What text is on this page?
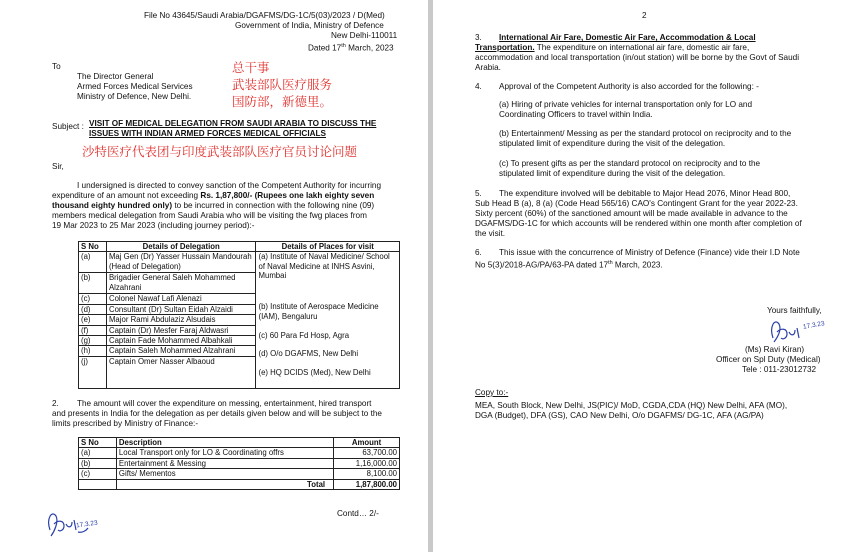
File No 43645/Saudi Arabia/DGAFMS/DG-1C/5(03)/2023 / D(Med)
Government of India, Ministry of Defence
New Delhi-110011
Dated 17th March, 2023
To
The Director General
Armed Forces Medical Services
Ministry of Defence, New Delhi.
总干事
武装部队医疗服务
国防部，新德里。
Subject : VISIT OF MEDICAL DELEGATION FROM SAUDI ARABIA TO DISCUSS THE
ISSUES WITH INDIAN ARMED FORCES MEDICAL OFFICIALS
沙特医疗代表团与印度武装部队医疗官员讨论问题
Sir,
I undersigned is directed to convey sanction of the Competent Authority for incurring
expenditure of an amount not exceeding Rs. 1,87,800/- (Rupees one lakh eighty seven
thousand eighty hundred only) to be incurred in connection with the following nine (09)
members medical delegation from Saudi Arabia who will be visiting the fwg places from
19 Mar 2023 to 25 Mar 2023 (including journey period):-
S No	Details of Delegation	Details of Places for visit
(a)	Maj Gen (Dr) Yasser Hussain Mandourah (Head of Delegation)	(a) Institute of Naval Medicine/ School of Naval Medicine at INHS Asvini, Mumbai
(b) Institute of Aerospace Medicine (IAM), Bengaluru
(c) 60 Para Fd Hosp, Agra
(d) O/o DGAFMS, New Delhi
(e) HQ DCIDS (Med), New Delhi

(b)	Brigadier General Saleh Mohammed Alzahrani	
(c)	Colonel Nawaf Lafi Alenazi	
(d)	Consultant (Dr) Sultan Eidah Alzaidi	
(e)	Major Rami Abdulaziz Alsudais	
(f)	Captain (Dr) Mesfer Faraj Aldwasri	
(g)	Captain Fade Mohammed Albahkali	
(h)	Captain Saleh Mohammed Alzahrani	
(j)	Captain Omer Nasser Albaoud	
2. The amount will cover the expenditure on messing, entertainment, hired transport
and presents in India for the delegation as per details given below and will be subject to the
limits prescribed by Ministry of Finance:-
S No	Description	Amount
(a)	Local Transport only for LO & Coordinating offrs	63,700.00
(b)	Entertainment & Messing	1,16,000.00
(c)	Gifts/ Mementos	8,100.00
	Total	1,87,800.00
17.3.23
Contd… 2/-
2
3. International Air Fare, Domestic Air Fare, Accommodation & Local
Transportation. The expenditure on international air fare, domestic air fare,
accommodation and local transportation (in/out station) will be borne by the Govt of Saudi
Arabia.
4. Approval of the Competent Authority is also accorded for the following: -
(a) Hiring of private vehicles for internal transportation only for LO and
Coordinating Officers to travel within India.
(b) Entertainment/ Messing as per the standard protocol on reciprocity and to the
stipulated limit of expenditure during the visit of the delegation.
(c) To present gifts as per the standard protocol on reciprocity and to the
stipulated limit of expenditure during the visit of the delegation.
5. The expenditure involved will be debitable to Major Head 2076, Minor Head 800,
Sub Head B (a), 8 (a) (Code Head 565/16) CAO's Contingent Grant for the year 2022-23.
Sixty percent (60%) of the sanctioned amount will be made available in advance to the
DGAFMS/DG-1C for which accounts will be rendered within one month after completion of
the visit.
6. This issue with the concurrence of Ministry of Defence (Finance) vide their I.D Note
No 5(3)/2018-AG/PA/63-PA dated 17th March, 2023.
Yours faithfully,
17.3.23
(Ms) Ravi Kiran)
Officer on Spl Duty (Medical)
Tele : 011-23012732
Copy to:-
MEA, South Block, New Delhi, JS(PIC)/ MoD, CGDA,CDA (HQ) New Delhi, AFA (MO),
DGA (Budget), DFA (GS), CAO New Delhi, O/o DGAFMS/ DG-1C, AFA (AG/PA)
